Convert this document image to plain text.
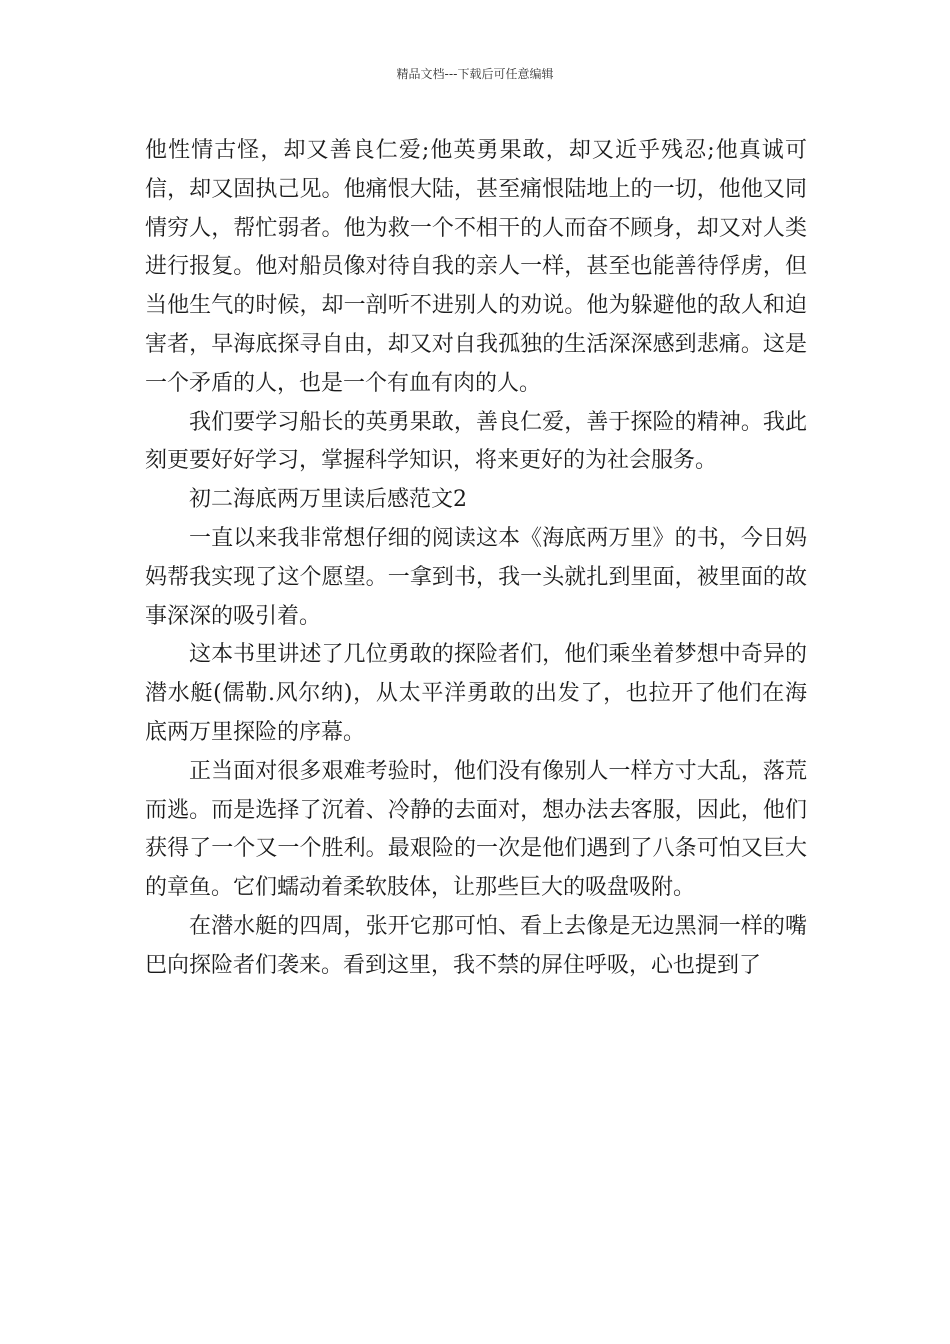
精品文档---下载后可任意编辑

他性情古怪，却又善良仁爱;他英勇果敢，却又近乎残忍;他真诚可信，却又固执己见。他痛恨大陆，甚至痛恨陆地上的一切，他他又同情穷人，帮忙弱者。他为救一个不相干的人而奋不顾身，却又对人类进行报复。他对船员像对待自我的亲人一样，甚至也能善待俘虏，但当他生气的时候，却一剖听不进别人的劝说。他为躲避他的敌人和迫害者，早海底探寻自由，却又对自我孤独的生活深深感到悲痛。这是一个矛盾的人，也是一个有血有肉的人。

我们要学习船长的英勇果敢，善良仁爱，善于探险的精神。我此刻更要好好学习，掌握科学知识，将来更好的为社会服务。

初二海底两万里读后感范文2

一直以来我非常想仔细的阅读这本《海底两万里》的书，今日妈妈帮我实现了这个愿望。一拿到书，我一头就扎到里面，被里面的故事深深的吸引着。

这本书里讲述了几位勇敢的探险者们，他们乘坐着梦想中奇异的潜水艇(儒勒.风尔纳)，从太平洋勇敢的出发了，也拉开了他们在海底两万里探险的序幕。

正当面对很多艰难考验时，他们没有像别人一样方寸大乱，落荒而逃。而是选择了沉着、冷静的去面对，想办法去客服，因此，他们获得了一个又一个胜利。最艰险的一次是他们遇到了八条可怕又巨大的章鱼。它们蠕动着柔软肢体，让那些巨大的吸盘吸附。

在潜水艇的四周，张开它那可怕、看上去像是无边黑洞一样的嘴巴向探险者们袭来。看到这里，我不禁的屏住呼吸，心也提到了
